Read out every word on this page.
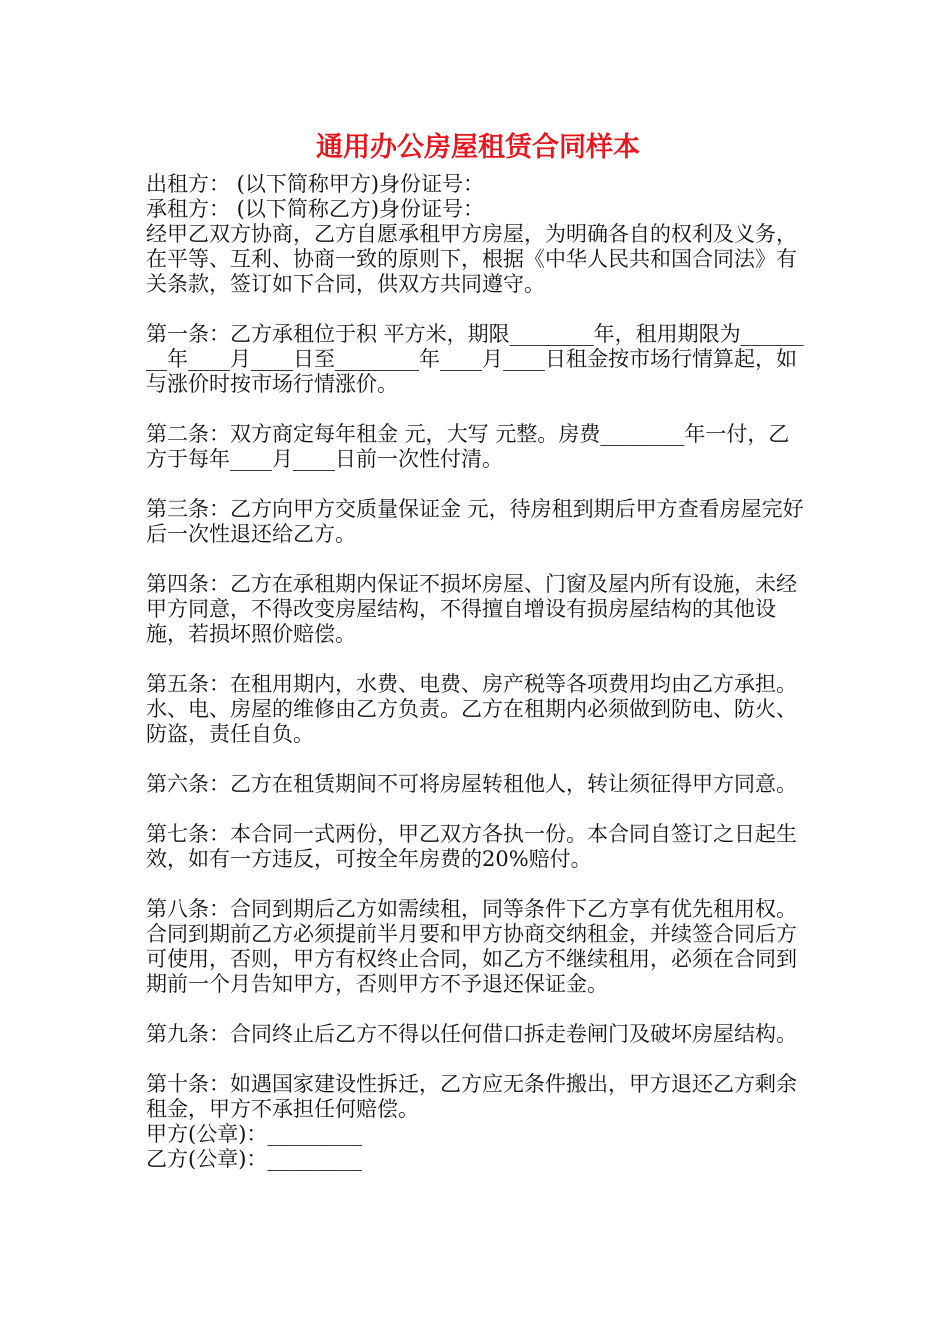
通用办公房屋租赁合同样本

出租方： (以下简称甲方)身份证号：

承租方： (以下简称乙方)身份证号：

经甲乙双方协商，乙方自愿承租甲方房屋，为明确各自的权利及义务，在平等、互利、协商一致的原则下，根据《中华人民共和国合同法》有关条款，签订如下合同，供双方共同遵守。

第一条：乙方承租位于积 平方米，期限________年，租用期限为________年____月____日至________年____月____日租金按市场行情算起，如与涨价时按市场行情涨价。

第二条：双方商定每年租金 元，大写 元整。房费________年一付，乙方于每年____月____日前一次性付清。

第三条：乙方向甲方交质量保证金 元，待房租到期后甲方查看房屋完好后一次性退还给乙方。

第四条：乙方在承租期内保证不损坏房屋、门窗及屋内所有设施，未经甲方同意，不得改变房屋结构，不得擅自增设有损房屋结构的其他设施，若损坏照价赔偿。

第五条：在租用期内，水费、电费、房产税等各项费用均由乙方承担。水、电、房屋的维修由乙方负责。乙方在租期内必须做到防电、防火、防盗，责任自负。

第六条：乙方在租赁期间不可将房屋转租他人，转让须征得甲方同意。

第七条：本合同一式两份，甲乙双方各执一份。本合同自签订之日起生效，如有一方违反，可按全年房费的20%赔付。

第八条：合同到期后乙方如需续租，同等条件下乙方享有优先租用权。合同到期前乙方必须提前半月要和甲方协商交纳租金，并续签合同后方可使用，否则，甲方有权终止合同，如乙方不继续租用，必须在合同到期前一个月告知甲方，否则甲方不予退还保证金。

第九条：合同终止后乙方不得以任何借口拆走卷闸门及破坏房屋结构。

第十条：如遇国家建设性拆迁，乙方应无条件搬出，甲方退还乙方剩余租金，甲方不承担任何赔偿。

甲方(公章)：_________

乙方(公章)：_________
